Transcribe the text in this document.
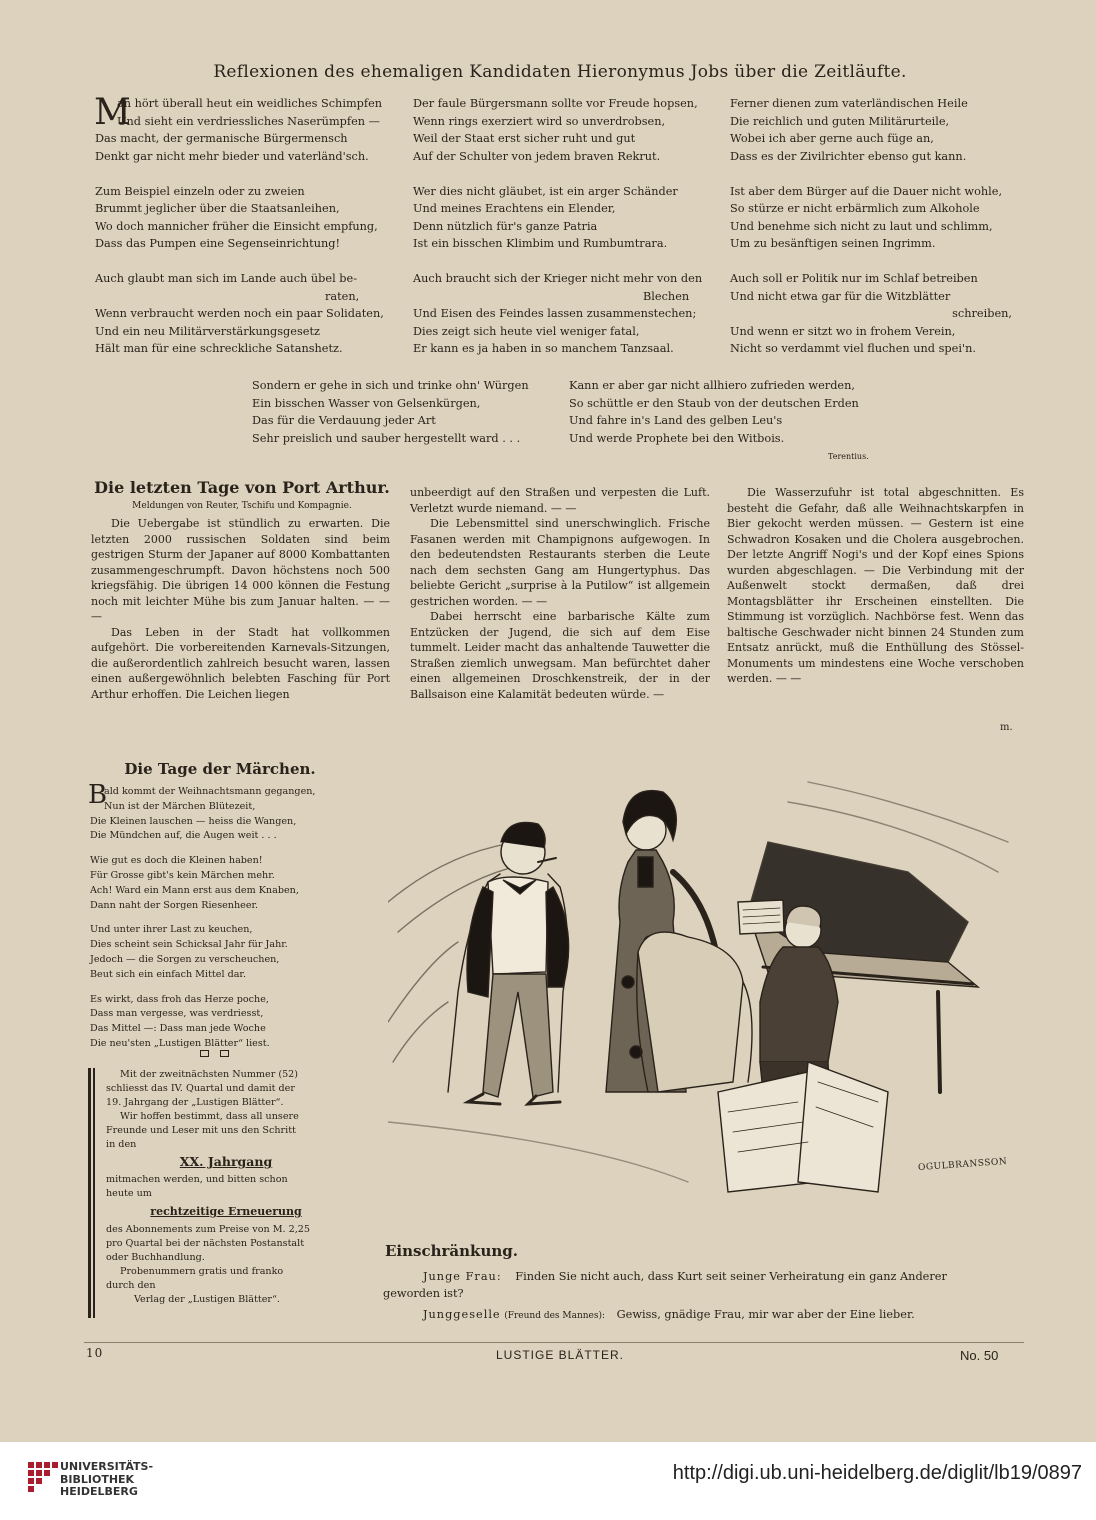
Reflexionen des ehemaligen Kandidaten Hieronymus Jobs über die Zeitläufte.
M
an hört überall heut ein weidliches Schimpfen
Und sieht ein verdriessliches Naserümpfen —
Das macht, der germanische Bürgermensch
Denkt gar nicht mehr bieder und vaterländ'sch.
Zum Beispiel einzeln oder zu zweien
Brummt jeglicher über die Staatsanleihen,
Wo doch mannicher früher die Einsicht empfung,
Dass das Pumpen eine Segenseinrichtung!
Auch glaubt man sich im Lande auch übel be-
raten,
Wenn verbraucht werden noch ein paar Solidaten,
Und ein neu Militärverstärkungsgesetz
Hält man für eine schreckliche Satanshetz.
Der faule Bürgersmann sollte vor Freude hopsen,
Wenn rings exerziert wird so unverdrobsen,
Weil der Staat erst sicher ruht und gut
Auf der Schulter von jedem braven Rekrut.
Wer dies nicht gläubet, ist ein arger Schänder
Und meines Erachtens ein Elender,
Denn nützlich für's ganze Patria
Ist ein bisschen Klimbim und Rumbumtrara.
Auch braucht sich der Krieger nicht mehr von den
Blechen
Und Eisen des Feindes lassen zusammenstechen;
Dies zeigt sich heute viel weniger fatal,
Er kann es ja haben in so manchem Tanzsaal.
Ferner dienen zum vaterländischen Heile
Die reichlich und guten Militärurteile,
Wobei ich aber gerne auch füge an,
Dass es der Zivilrichter ebenso gut kann.
Ist aber dem Bürger auf die Dauer nicht wohle,
So stürze er nicht erbärmlich zum Alkohole
Und benehme sich nicht zu laut und schlimm,
Um zu besänftigen seinen Ingrimm.
Auch soll er Politik nur im Schlaf betreiben
Und nicht etwa gar für die Witzblätter
schreiben,
Und wenn er sitzt wo in frohem Verein,
Nicht so verdammt viel fluchen und spei'n.
Sondern er gehe in sich und trinke ohn' Würgen
Ein bisschen Wasser von Gelsenkürgen,
Das für die Verdauung jeder Art
Sehr preislich und sauber hergestellt ward . . .
Kann er aber gar nicht allhiero zufrieden werden,
So schüttle er den Staub von der deutschen Erden
Und fahre in's Land des gelben Leu's
Und werde Prophete bei den Witbois.
Terentius.
Die letzten Tage von Port Arthur.
Meldungen von Reuter, Tschifu und Kompagnie.

Die Uebergabe ist stündlich zu erwarten. Die letzten 2000 russischen Soldaten sind beim gestrigen Sturm der Japaner auf 8000 Kombattanten zusammengeschrumpft. Davon höchstens noch 500 kriegsfähig. Die übrigen 14 000 können die Festung noch mit leichter Mühe bis zum Januar halten. — — —

Das Leben in der Stadt hat vollkommen aufgehört. Die vorbereitenden Karnevals-Sitzungen, die außerordentlich zahlreich besucht waren, lassen einen außergewöhnlich belebten Fasching für Port Arthur erhoffen. Die Leichen liegen

unbeerdigt auf den Straßen und verpesten die Luft. Verletzt wurde niemand. — —

Die Lebensmittel sind unerschwinglich. Frische Fasanen werden mit Champignons aufgewogen. In den bedeutendsten Restaurants sterben die Leute nach dem sechsten Gang am Hungertyphus. Das beliebte Gericht „surprise à la Putilow“ ist allgemein gestrichen worden. — —

Dabei herrscht eine barbarische Kälte zum Entzücken der Jugend, die sich auf dem Eise tummelt. Leider macht das anhaltende Tauwetter die Straßen ziemlich unwegsam. Man befürchtet daher einen allgemeinen Droschkenstreik, der in der Ballsaison eine Kalamität bedeuten würde. —

Die Wasserzufuhr ist total abgeschnitten. Es besteht die Gefahr, daß alle Weihnachtskarpfen in Bier gekocht werden müssen. — Gestern ist eine Schwadron Kosaken und die Cholera ausgebrochen. Der letzte Angriff Nogi's und der Kopf eines Spions wurden abgeschlagen. — Die Verbindung mit der Außenwelt stockt dermaßen, daß drei Montagsblätter ihr Erscheinen einstellten. Die Stimmung ist vorzüglich. Nachbörse fest. Wenn das baltische Geschwader nicht binnen 24 Stunden zum Entsatz anrückt, muß die Enthüllung des Stössel-Monuments um mindestens eine Woche verschoben werden. — —

m.
Die Tage der Märchen.
B
ald kommt der Weihnachtsmann gegangen,
Nun ist der Märchen Blütezeit,
Die Kleinen lauschen — heiss die Wangen,
Die Mündchen auf, die Augen weit . . .
Wie gut es doch die Kleinen haben!
Für Grosse gibt's kein Märchen mehr.
Ach! Ward ein Mann erst aus dem Knaben,
Dann naht der Sorgen Riesenheer.
Und unter ihrer Last zu keuchen,
Dies scheint sein Schicksal Jahr für Jahr.
Jedoch — die Sorgen zu verscheuchen,
Beut sich ein einfach Mittel dar.
Es wirkt, dass froh das Herze poche,
Dass man vergesse, was verdriesst,
Das Mittel —: Dass man jede Woche
Die neu'sten „Lustigen Blätter“ liest.
Mit der zweitnächsten Nummer (52)
schliesst das IV. Quartal und damit der
19. Jahrgang der „Lustigen Blätter“.
Wir hoffen bestimmt, dass all unsere
Freunde und Leser mit uns den Schritt
in den
XX. Jahrgang
mitmachen werden, und bitten schon
heute um
rechtzeitige Erneuerung
des Abonnements zum Preise von M. 2,25
pro Quartal bei der nächsten Postanstalt
oder Buchhandlung.
Probenummern gratis und franko
durch den
Verlag der „Lustigen Blätter“.
OGULBRANSSON
Einschränkung.
Junge Frau: Finden Sie nicht auch, dass Kurt seit seiner Verheiratung ein ganz Anderer
geworden ist?
Junggeselle (Freund des Mannes): Gewiss, gnädige Frau, mir war aber der Eine lieber.
10	LUSTIGE BLÄTTER.	No. 50
UNIVERSITÄTS-
BIBLIOTHEK
HEIDELBERG
http://digi.ub.uni-heidelberg.de/diglit/lb19/0897
